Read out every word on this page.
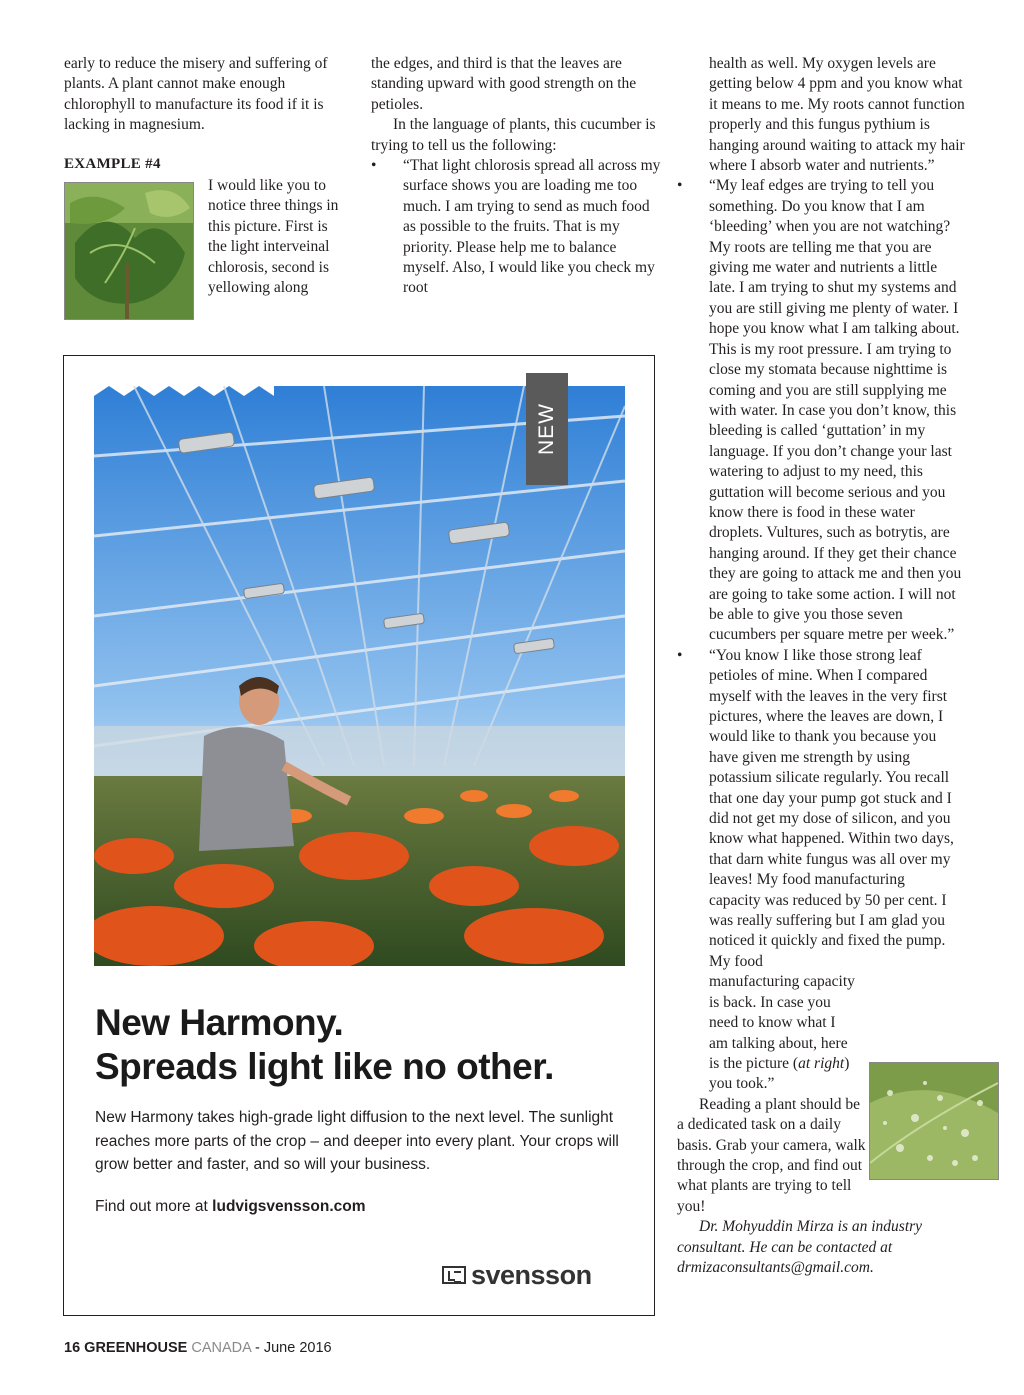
early to reduce the misery and suffering of plants. A plant cannot make enough chlorophyll to manufacture its food if it is lacking in magnesium.

EXAMPLE #4

I would like you to notice three things in this picture. First is the light interveinal chlorosis, second is yellowing along

the edges, and third is that the leaves are standing upward with good strength on the petioles.

In the language of plants, this cucumber is trying to tell us the following:

• “That light chlorosis spread all across my surface shows you are loading me too much. I am trying to send as much food as possible to the fruits. That is my priority. Please help me to balance myself. Also, I would like you check my root

health as well. My oxygen levels are getting below 4 ppm and you know what it means to me. My roots cannot function properly and this fungus pythium is hanging around waiting to attack my hair where I absorb water and nutrients.”

• “My leaf edges are trying to tell you something. Do you know that I am ‘bleeding’ when you are not watching? My roots are telling me that you are giving me water and nutrients a little late. I am trying to shut my systems and you are still giving me plenty of water. I hope you know what I am talking about. This is my root pressure. I am trying to close my stomata because nighttime is coming and you are still supplying me with water. In case you don’t know, this bleeding is called ‘guttation’ in my language. If you don’t change your last watering to adjust to my need, this guttation will become serious and you know there is food in these water droplets. Vultures, such as botrytis, are hanging around. If they get their chance they are going to attack me and then you are going to take some action. I will not be able to give you those seven cucumbers per square metre per week.”
• “You know I like those strong leaf petioles of mine. When I compared myself with the leaves in the very first pictures, where the leaves are down, I would like to thank you because you have given me strength by using potassium silicate regularly. You recall that one day your pump got stuck and I did not get my dose of silicon, and you know what happened. Within two days, that darn white fungus was all over my leaves! My food manufacturing capacity was reduced by 50 per cent. I was really suffering but I am glad you noticed it quickly and fixed the pump.
My food manufacturing capacity is back. In case you need to know what I am talking about, here is the picture (at right) you took.”

Reading a plant should be a dedicated task on a daily basis. Grab your camera, walk through the crop, and find out what plants are trying to tell you!

Dr. Mohyuddin Mirza is an industry consultant. He can be contacted at drmizaconsultants@gmail.com.

NEW
New Harmony.
Spreads light like no other.
New Harmony takes high-grade light diffusion to the next level. The sunlight reaches more parts of the crop – and deeper into every plant. Your crops will grow better and faster, and so will your business.
Find out more at ludvigsvensson.com
svensson
16 GREENHOUSE CANADA - June 2016
